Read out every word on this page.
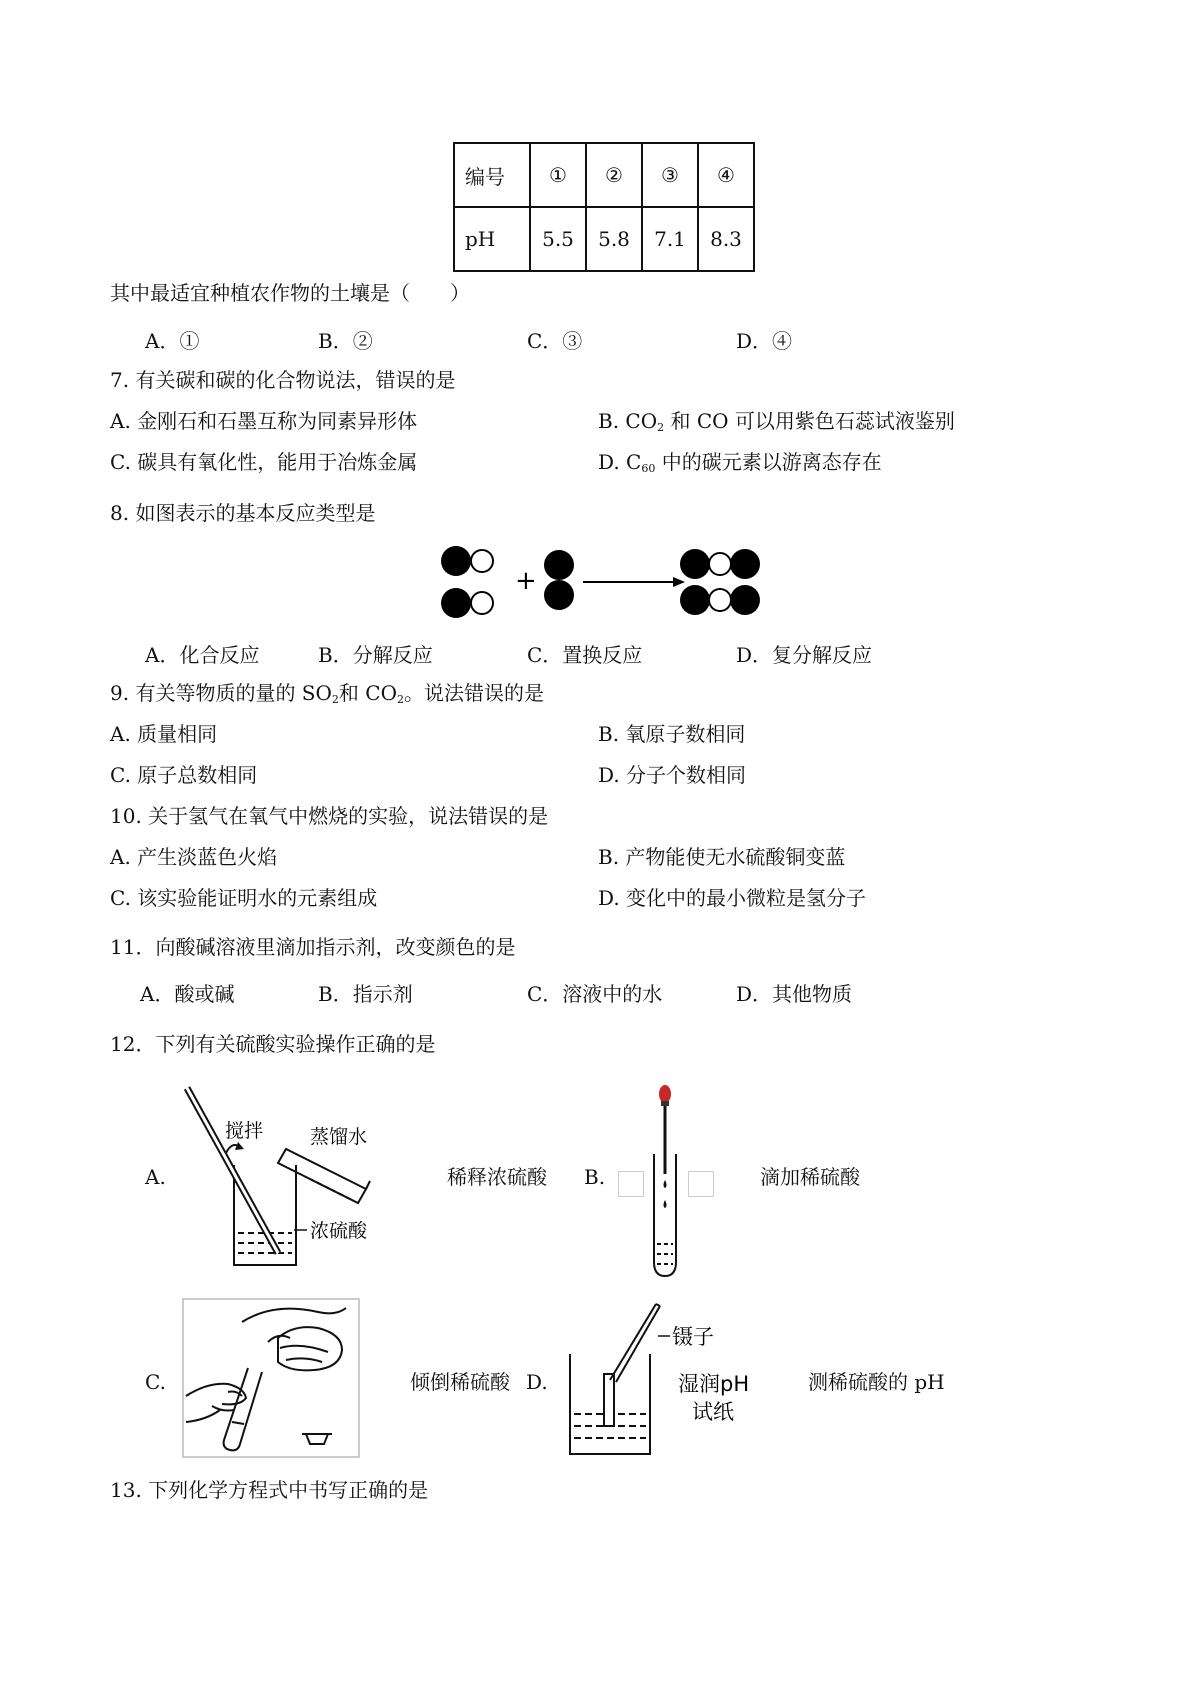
编号	①	②	③	④
pH	5.5	5.8	7.1	8.3
其中最适宜种植农作物的土壤是（　　）
A．①	B．②	C．③	D．④
7. 有关碳和碳的化合物说法，错误的是
A. 金刚石和石墨互称为同素异形体	B. $CO_2$ 和 CO 可以用紫色石蕊试液鉴别
C. 碳具有氧化性，能用于冶炼金属	D. $C_{60}$ 中的碳元素以游离态存在
8. 如图表示的基本反应类型是
+
A．化合反应	B．分解反应	C．置换反应	D．复分解反应
9. 有关等物质的量的 $SO_2$和 $CO_2$。说法错误的是
A. 质量相同	B. 氧原子数相同
C. 原子总数相同	D. 分子个数相同
10. 关于氢气在氧气中燃烧的实验，说法错误的是
A. 产生淡蓝色火焰	B. 产物能使无水硫酸铜变蓝
C. 该实验能证明水的元素组成	D. 变化中的最小微粒是氢分子
11．向酸碱溶液里滴加指示剂，改变颜色的是
A．酸或碱	B．指示剂	C．溶液中的水	D．其他物质
12．下列有关硫酸实验操作正确的是
A.
搅拌 蒸馏水
浓硫酸
稀释浓硫酸 B.	滴加稀硫酸
C.	倾倒稀硫酸 D.
镊子
湿润pH
试纸
测稀硫酸的 pH
13. 下列化学方程式中书写正确的是
